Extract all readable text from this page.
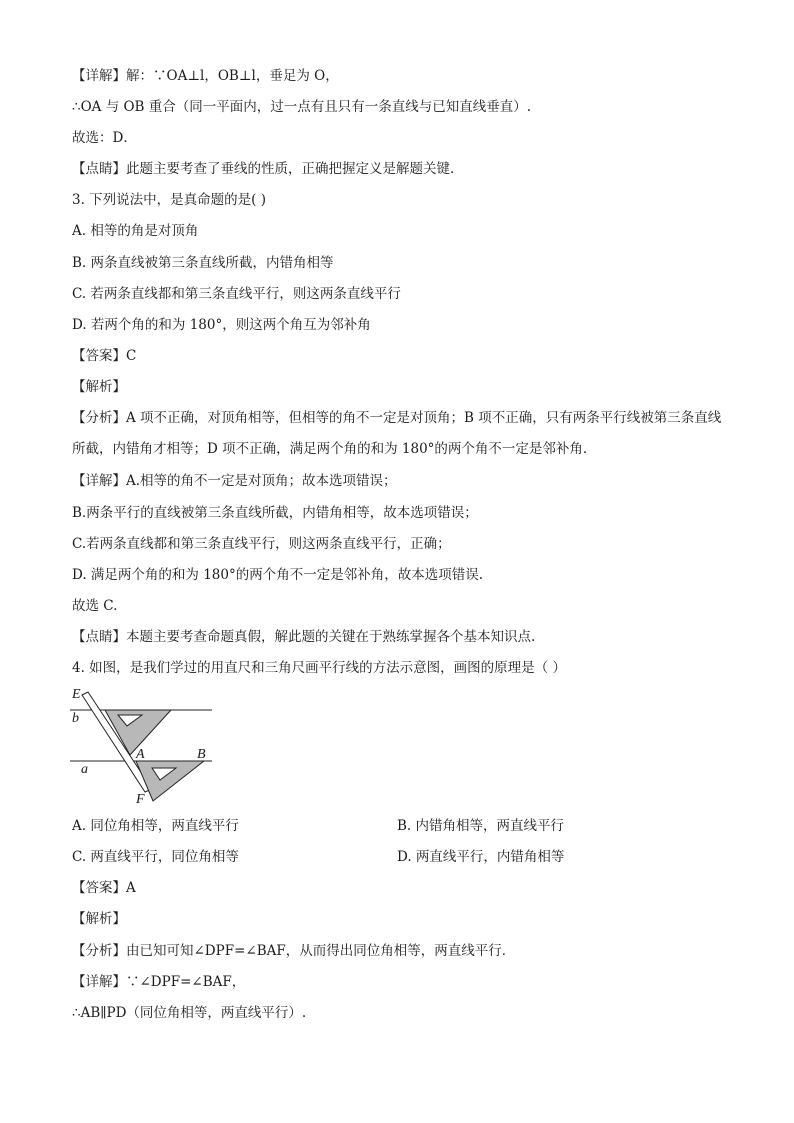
【详解】解：∵OA⊥l，OB⊥l，垂足为 O，
∴OA 与 OB 重合（同一平面内，过一点有且只有一条直线与已知直线垂直）.
故选：D．
【点睛】此题主要考查了垂线的性质，正确把握定义是解题关键．
3. 下列说法中，是真命题的是( )
A. 相等的角是对顶角
B. 两条直线被第三条直线所截，内错角相等
C. 若两条直线都和第三条直线平行，则这两条直线平行
D. 若两个角的和为 180°，则这两个角互为邻补角
【答案】C
【解析】
【分析】A 项不正确，对顶角相等，但相等的角不一定是对顶角；B 项不正确，只有两条平行线被第三条直线所截，内错角才相等；D 项不正确，满足两个角的和为 180°的两个角不一定是邻补角．
【详解】A.相等的角不一定是对顶角；故本选项错误；
B.两条平行的直线被第三条直线所截，内错角相等，故本选项错误；
C.若两条直线都和第三条直线平行，则这两条直线平行，正确；
D. 满足两个角的和为 180°的两个角不一定是邻补角，故本选项错误.
故选 C.
【点睛】本题主要考查命题真假，解此题的关键在于熟练掌握各个基本知识点.
4. 如图，是我们学过的用直尺和三角尺画平行线的方法示意图，画图的原理是（ ）
E
b
A	B
a
F
A. 同位角相等，两直线平行	B. 内错角相等，两直线平行
C. 两直线平行，同位角相等	D. 两直线平行，内错角相等
【答案】A
【解析】
【分析】由已知可知∠DPF=∠BAF，从而得出同位角相等，两直线平行．
【详解】∵∠DPF=∠BAF，
∴AB∥PD（同位角相等，两直线平行）.
